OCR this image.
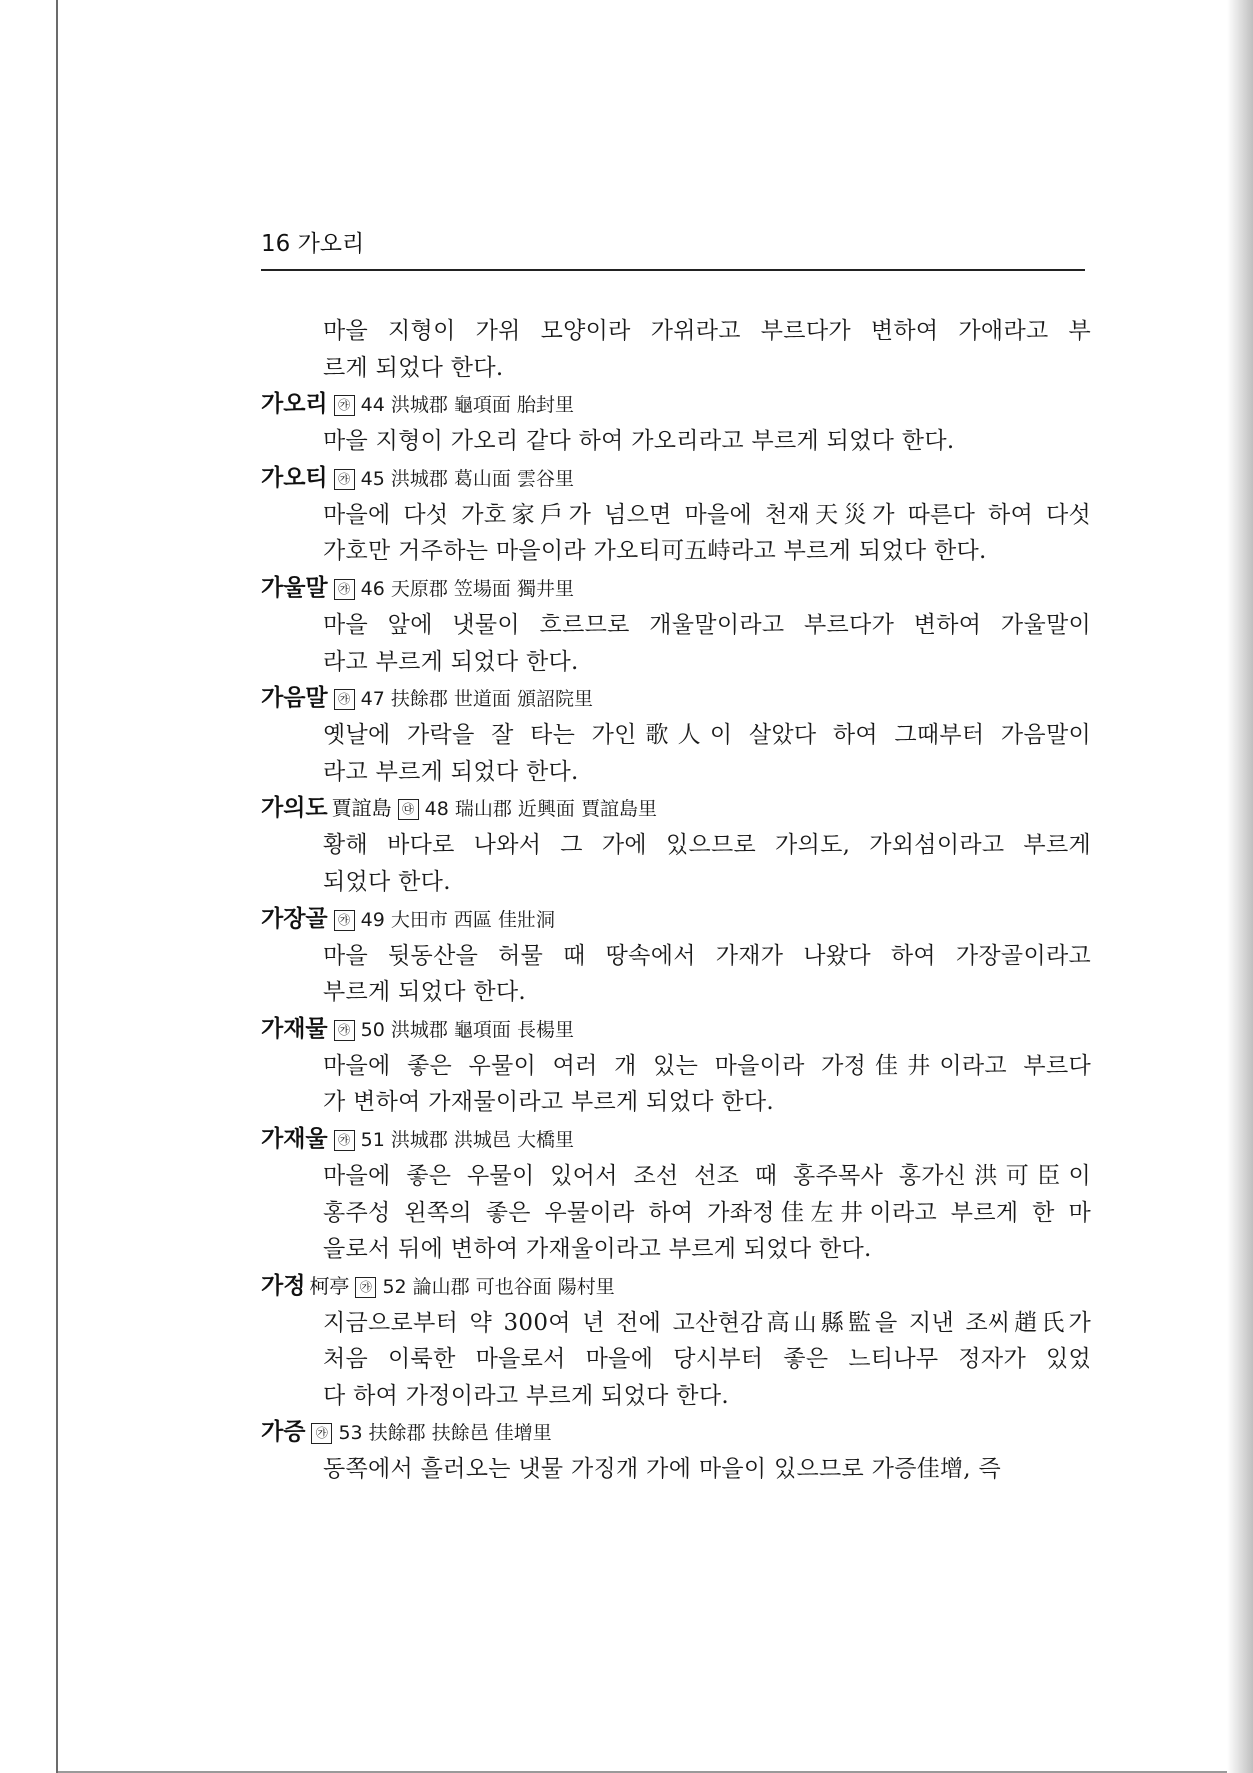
16 가오리
마을 지형이 가위 모양이라 가위라고 부르다가 변하여 가애라고 부
르게 되었다 한다.
가오리 ㉮ 44 洪城郡 龜項面 胎封里
마을 지형이 가오리 같다 하여 가오리라고 부르게 되었다 한다.
가오티 ㉮ 45 洪城郡 葛山面 雲谷里
마을에 다섯 가호家戶가 넘으면 마을에 천재天災가 따른다 하여 다섯
가호만 거주하는 마을이라 가오티可五峙라고 부르게 되었다 한다.
가울말 ㉮ 46 天原郡 笠場面 獨井里
마을 앞에 냇물이 흐르므로 개울말이라고 부르다가 변하여 가울말이
라고 부르게 되었다 한다.
가음말 ㉮ 47 扶餘郡 世道面 頒詔院里
옛날에 가락을 잘 타는 가인歌人이 살았다 하여 그때부터 가음말이
라고 부르게 되었다 한다.
가의도 賈誼島 ㉰ 48 瑞山郡 近興面 賈誼島里
황해 바다로 나와서 그 가에 있으므로 가의도, 가외섬이라고 부르게
되었다 한다.
가장골 ㉮ 49 大田市 西區 佳壯洞
마을 뒷동산을 허물 때 땅속에서 가재가 나왔다 하여 가장골이라고
부르게 되었다 한다.
가재물 ㉮ 50 洪城郡 龜項面 長楊里
마을에 좋은 우물이 여러 개 있는 마을이라 가정佳井이라고 부르다
가 변하여 가재물이라고 부르게 되었다 한다.
가재울 ㉮ 51 洪城郡 洪城邑 大橋里
마을에 좋은 우물이 있어서 조선 선조 때 홍주목사 홍가신洪可臣이
홍주성 왼쪽의 좋은 우물이라 하여 가좌정佳左井이라고 부르게 한 마
을로서 뒤에 변하여 가재울이라고 부르게 되었다 한다.
가정 柯亭 ㉮ 52 論山郡 可也谷面 陽村里
지금으로부터 약 300여 년 전에 고산현감高山縣監을 지낸 조씨趙氏가
처음 이룩한 마을로서 마을에 당시부터 좋은 느티나무 정자가 있었
다 하여 가정이라고 부르게 되었다 한다.
가증 ㉮ 53 扶餘郡 扶餘邑 佳增里
동쪽에서 흘러오는 냇물 가징개 가에 마을이 있으므로 가증佳增, 즉
